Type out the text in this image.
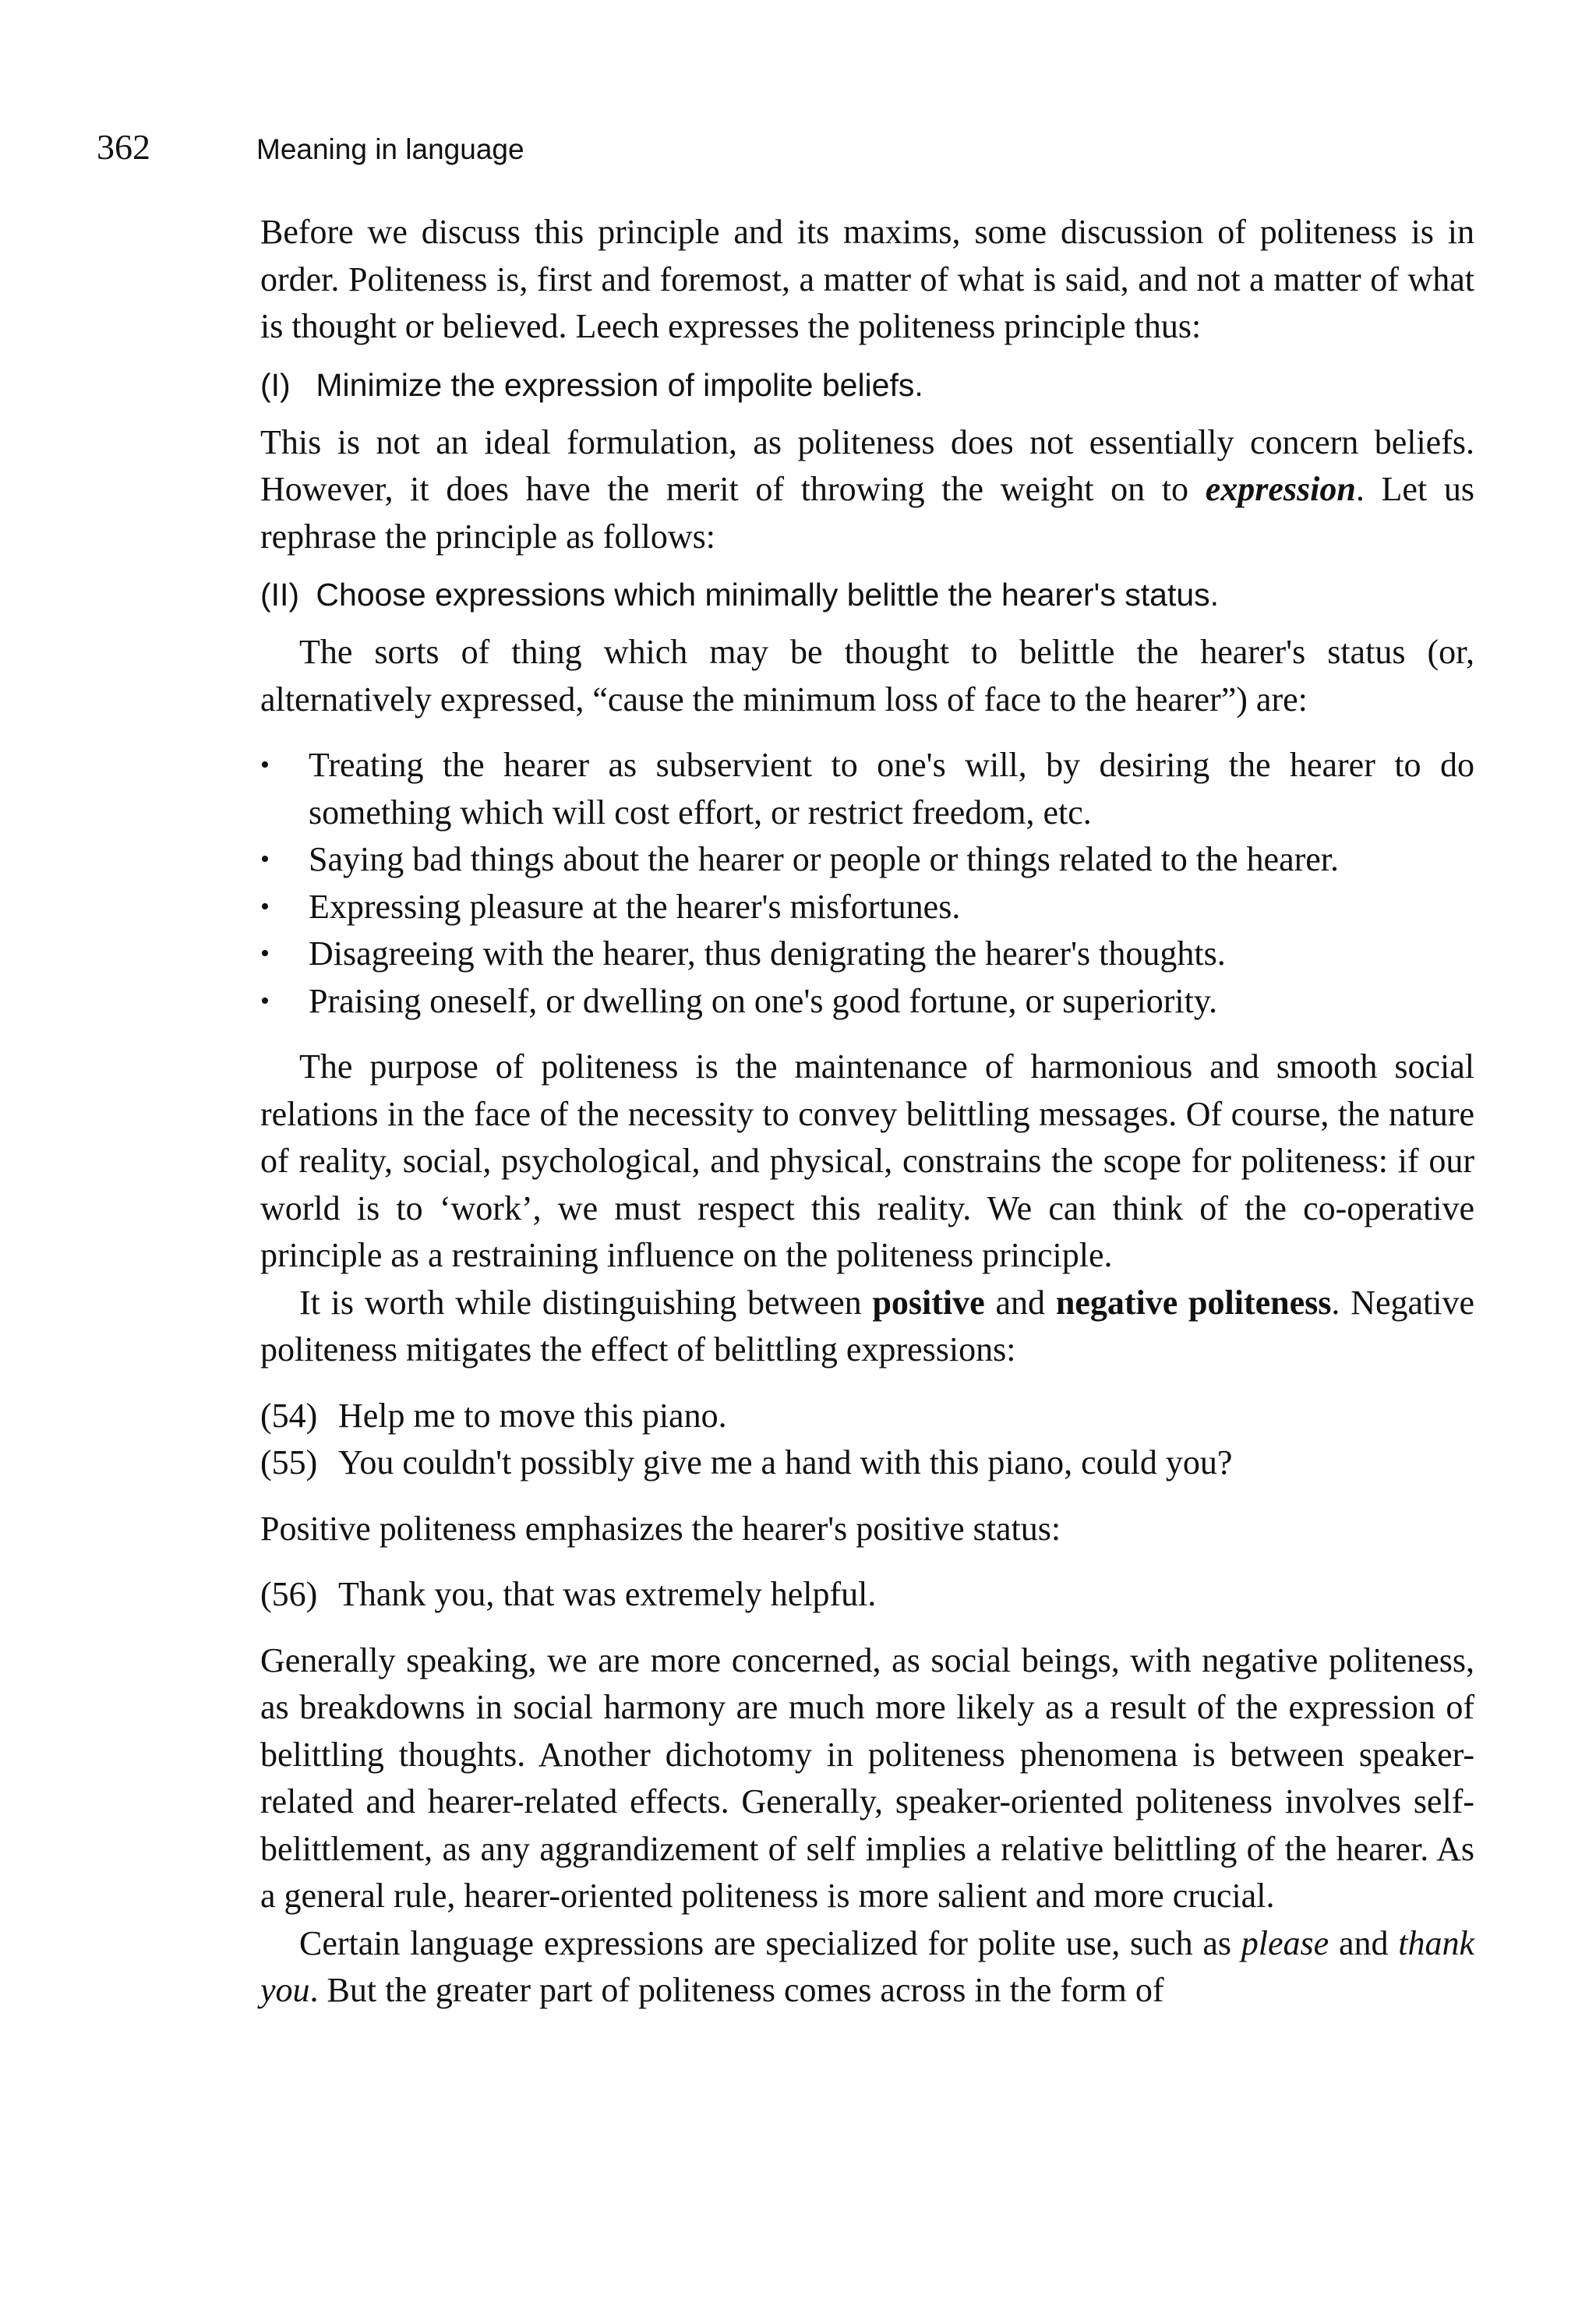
362	Meaning in language

Before we discuss this principle and its maxims, some discussion of politeness is in order. Politeness is, first and foremost, a matter of what is said, and not a matter of what is thought or believed. Leech expresses the politeness principle thus:

(I) Minimize the expression of impolite beliefs.

This is not an ideal formulation, as politeness does not essentially concern beliefs. However, it does have the merit of throwing the weight on to expression. Let us rephrase the principle as follows:

(II) Choose expressions which minimally belittle the hearer's status.

The sorts of thing which may be thought to belittle the hearer's status (or, alternatively expressed, “cause the minimum loss of face to the hearer”) are:

•	Treating the hearer as subservient to one's will, by desiring the hearer to do something which will cost effort, or restrict freedom, etc.
•	Saying bad things about the hearer or people or things related to the hearer.
•	Expressing pleasure at the hearer's misfortunes.
•	Disagreeing with the hearer, thus denigrating the hearer's thoughts.
•	Praising oneself, or dwelling on one's good fortune, or superiority.

The purpose of politeness is the maintenance of harmonious and smooth social relations in the face of the necessity to convey belittling messages. Of course, the nature of reality, social, psychological, and physical, constrains the scope for politeness: if our world is to ‘work’, we must respect this reality. We can think of the co-operative principle as a restraining influence on the politeness principle.

It is worth while distinguishing between positive and negative politeness. Negative politeness mitigates the effect of belittling expressions:

(54) Help me to move this piano.

(55) You couldn't possibly give me a hand with this piano, could you?

Positive politeness emphasizes the hearer's positive status:

(56) Thank you, that was extremely helpful.

Generally speaking, we are more concerned, as social beings, with negative politeness, as breakdowns in social harmony are much more likely as a result of the expression of belittling thoughts. Another dichotomy in politeness phenomena is between speaker-related and hearer-related effects. Generally, speaker-oriented politeness involves self-belittlement, as any aggrandizement of self implies a relative belittling of the hearer. As a general rule, hearer-oriented politeness is more salient and more crucial.

Certain language expressions are specialized for polite use, such as please and thank you. But the greater part of politeness comes across in the form of
